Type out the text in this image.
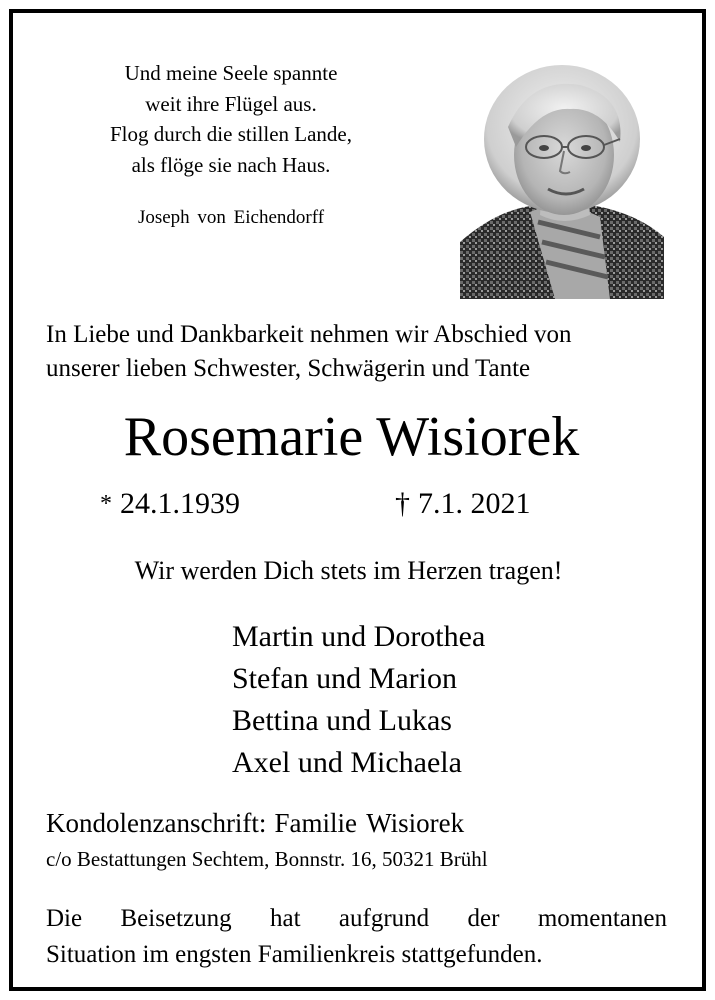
Und meine Seele spannte
weit ihre Flügel aus.
Flog durch die stillen Lande,
als flöge sie nach Haus.
Joseph von Eichendorff
In Liebe und Dankbarkeit nehmen wir Abschied von
unserer lieben Schwester, Schwägerin und Tante
Rosemarie Wisiorek
* 24.1.1939	† 7.1. 2021
Wir werden Dich stets im Herzen tragen!
Martin und Dorothea
Stefan und Marion
Bettina und Lukas
Axel und Michaela
Kondolenzanschrift: Familie Wisiorek
c/o Bestattungen Sechtem, Bonnstr. 16, 50321 Brühl
Die Beisetzung hat aufgrund der momentanen
Situation im engsten Familienkreis stattgefunden.
